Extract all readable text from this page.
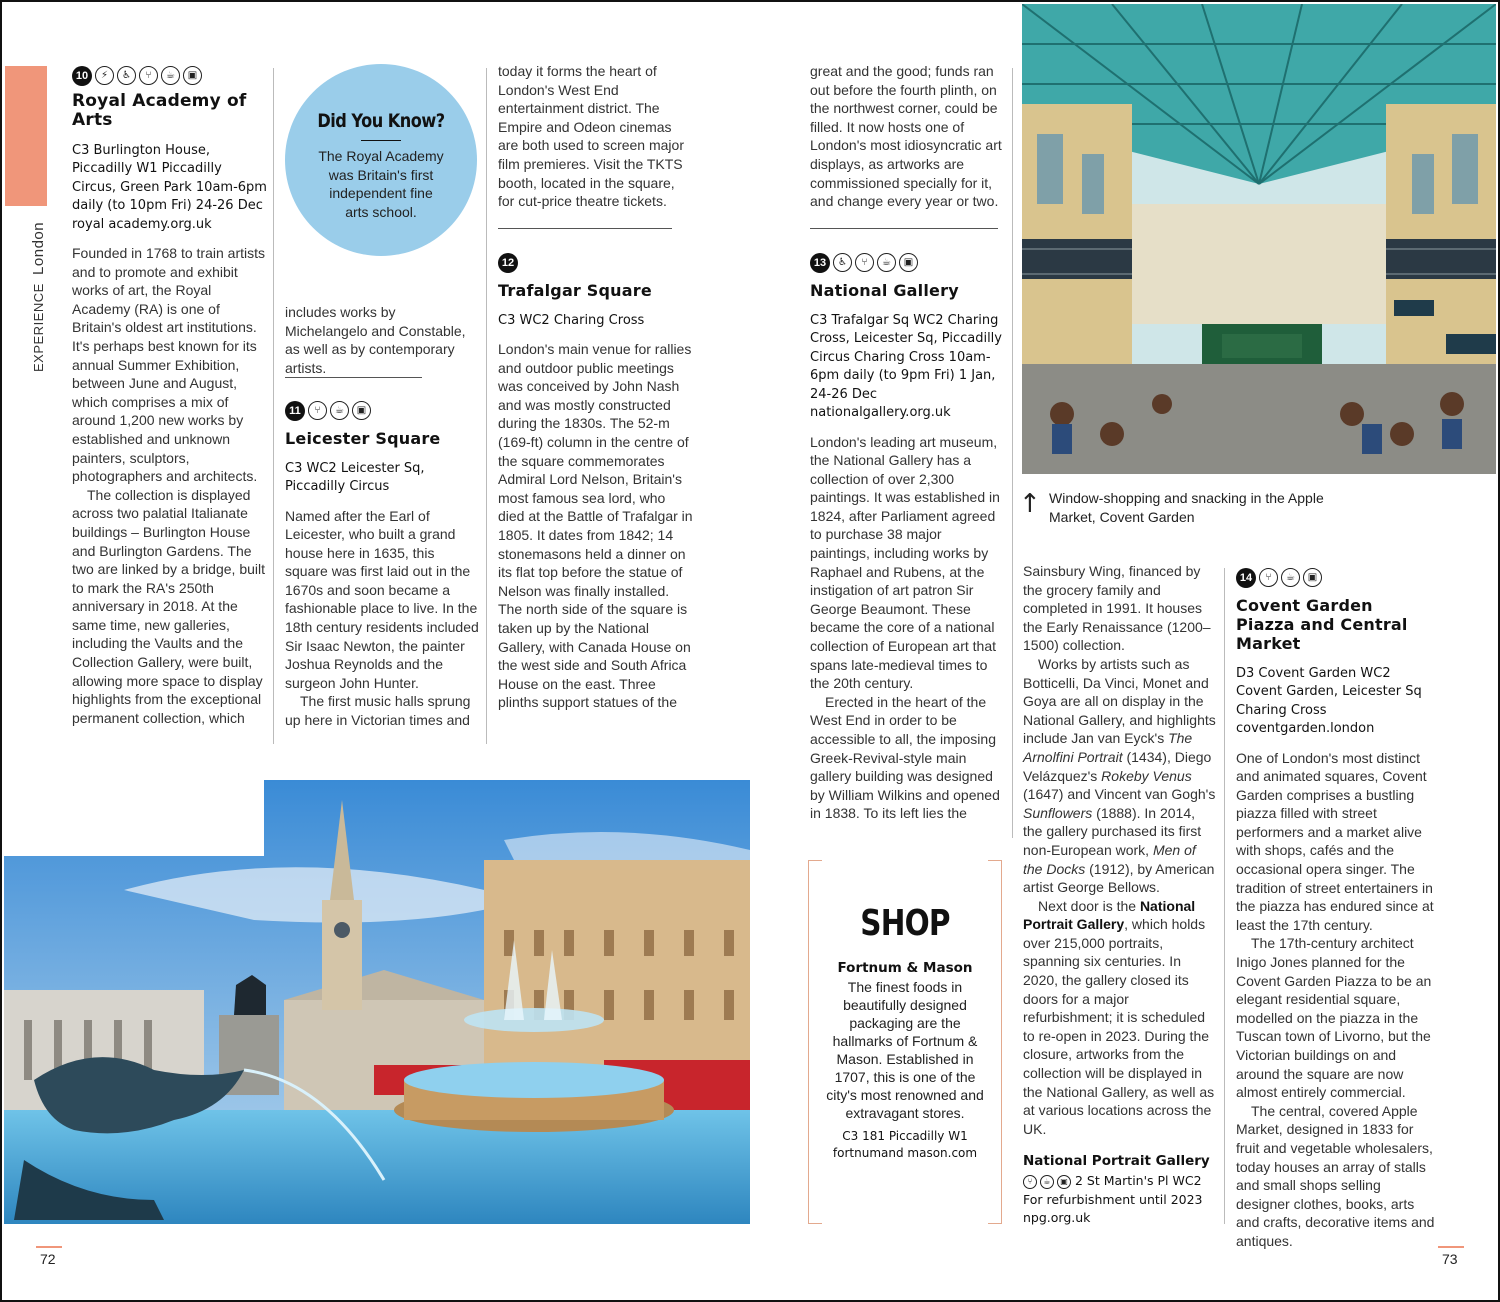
EXPERIENCE  London
10 ⚡ ♿ ⑂ ☕ ▣
Royal Academy of Arts
C3 Burlington House, Piccadilly W1 Piccadilly Circus, Green Park 10am-6pm daily (to 10pm Fri) 24-26 Dec royal academy.org.uk

Founded in 1768 to train artists and to promote and exhibit works of art, the Royal Academy (RA) is one of Britain's oldest art institutions. It's perhaps best known for its annual Summer Exhibition, between June and August, which comprises a mix of around 1,200 new works by established and unknown painters, sculptors, photographers and architects.

The collection is displayed across two palatial Italianate buildings – Burlington House and Burlington Gardens. The two are linked by a bridge, built to mark the RA's 250th anniversary in 2018. At the same time, new galleries, including the Vaults and the Collection Gallery, were built, allowing more space to display highlights from the exceptional permanent collection, which

Did You Know?
The Royal Academy was Britain's first independent fine arts school.

includes works by Michelangelo and Constable, as well as by contemporary artists.

11 ⑂ ☕ ▣
Leicester Square
C3 WC2 Leicester Sq, Piccadilly Circus

Named after the Earl of Leicester, who built a grand house here in 1635, this square was first laid out in the 1670s and soon became a fashionable place to live. In the 18th century residents included Sir Isaac Newton, the painter Joshua Reynolds and the surgeon John Hunter.

The first music halls sprung up here in Victorian times and

today it forms the heart of London's West End entertainment district. The Empire and Odeon cinemas are both used to screen major film premieres. Visit the TKTS booth, located in the square, for cut-price theatre tickets.

12
Trafalgar Square
C3 WC2 Charing Cross

London's main venue for rallies and outdoor public meetings was conceived by John Nash and was mostly constructed during the 1830s. The 52-m (169-ft) column in the centre of the square commemorates Admiral Lord Nelson, Britain's most famous sea lord, who died at the Battle of Trafalgar in 1805. It dates from 1842; 14 stonemasons held a dinner on its flat top before the statue of Nelson was finally installed. The north side of the square is taken up by the National Gallery, with Canada House on the west side and South Africa House on the east. Three plinths support statues of the

great and the good; funds ran out before the fourth plinth, on the northwest corner, could be filled. It now hosts one of London's most idiosyncratic art displays, as artworks are commissioned specially for it, and change every year or two.

13 ♿ ⑂ ☕ ▣
National Gallery
C3 Trafalgar Sq WC2 Charing Cross, Leicester Sq, Piccadilly Circus Charing Cross 10am-6pm daily (to 9pm Fri) 1 Jan, 24-26 Dec nationalgallery.org.uk

London's leading art museum, the National Gallery has a collection of over 2,300 paintings. It was established in 1824, after Parliament agreed to purchase 38 major paintings, including works by Raphael and Rubens, at the instigation of art patron Sir George Beaumont. These became the core of a national collection of European art that spans late-medieval times to the 20th century.

Erected in the heart of the West End in order to be accessible to all, the imposing Greek-Revival-style main gallery building was designed by William Wilkins and opened in 1838. To its left lies the

SHOP
Fortnum & Mason
The finest foods in beautifully designed packaging are the hallmarks of Fortnum & Mason. Established in 1707, this is one of the city's most renowned and extravagant stores.
C3 181 Piccadilly W1 fortnumand mason.com
↑ Window-shopping and snacking in the Apple Market, Covent Garden

Sainsbury Wing, financed by the grocery family and completed in 1991. It houses the Early Renaissance (1200–1500) collection.

Works by artists such as Botticelli, Da Vinci, Monet and Goya are all on display in the National Gallery, and highlights include Jan van Eyck's The Arnolfini Portrait (1434), Diego Velázquez's Rokeby Venus (1647) and Vincent van Gogh's Sunflowers (1888). In 2014, the gallery purchased its first non-European work, Men of the Docks (1912), by American artist George Bellows.

Next door is the National Portrait Gallery, which holds over 215,000 portraits, spanning six centuries. In 2020, the gallery closed its doors for a major refurbishment; it is scheduled to re-open in 2023. During the closure, artworks from the collection will be displayed in the National Gallery, as well as at various locations across the UK.

National Portrait Gallery
⑂ ☕ ▣ 2 St Martin's Pl WC2 For refurbishment until 2023 npg.org.uk
14 ⑂ ☕ ▣
Covent Garden Piazza and Central Market
D3 Covent Garden WC2 Covent Garden, Leicester Sq Charing Cross coventgarden.london

One of London's most distinct and animated squares, Covent Garden comprises a bustling piazza filled with street performers and a market alive with shops, cafés and the occasional opera singer. The tradition of street entertainers in the piazza has endured since at least the 17th century.

The 17th-century architect Inigo Jones planned for the Covent Garden Piazza to be an elegant residential square, modelled on the piazza in the Tuscan town of Livorno, but the Victorian buildings on and around the square are now almost entirely commercial.

The central, covered Apple Market, designed in 1833 for fruit and vegetable wholesalers, today houses an array of stalls and small shops selling designer clothes, books, arts and crafts, decorative items and antiques.

72	73
